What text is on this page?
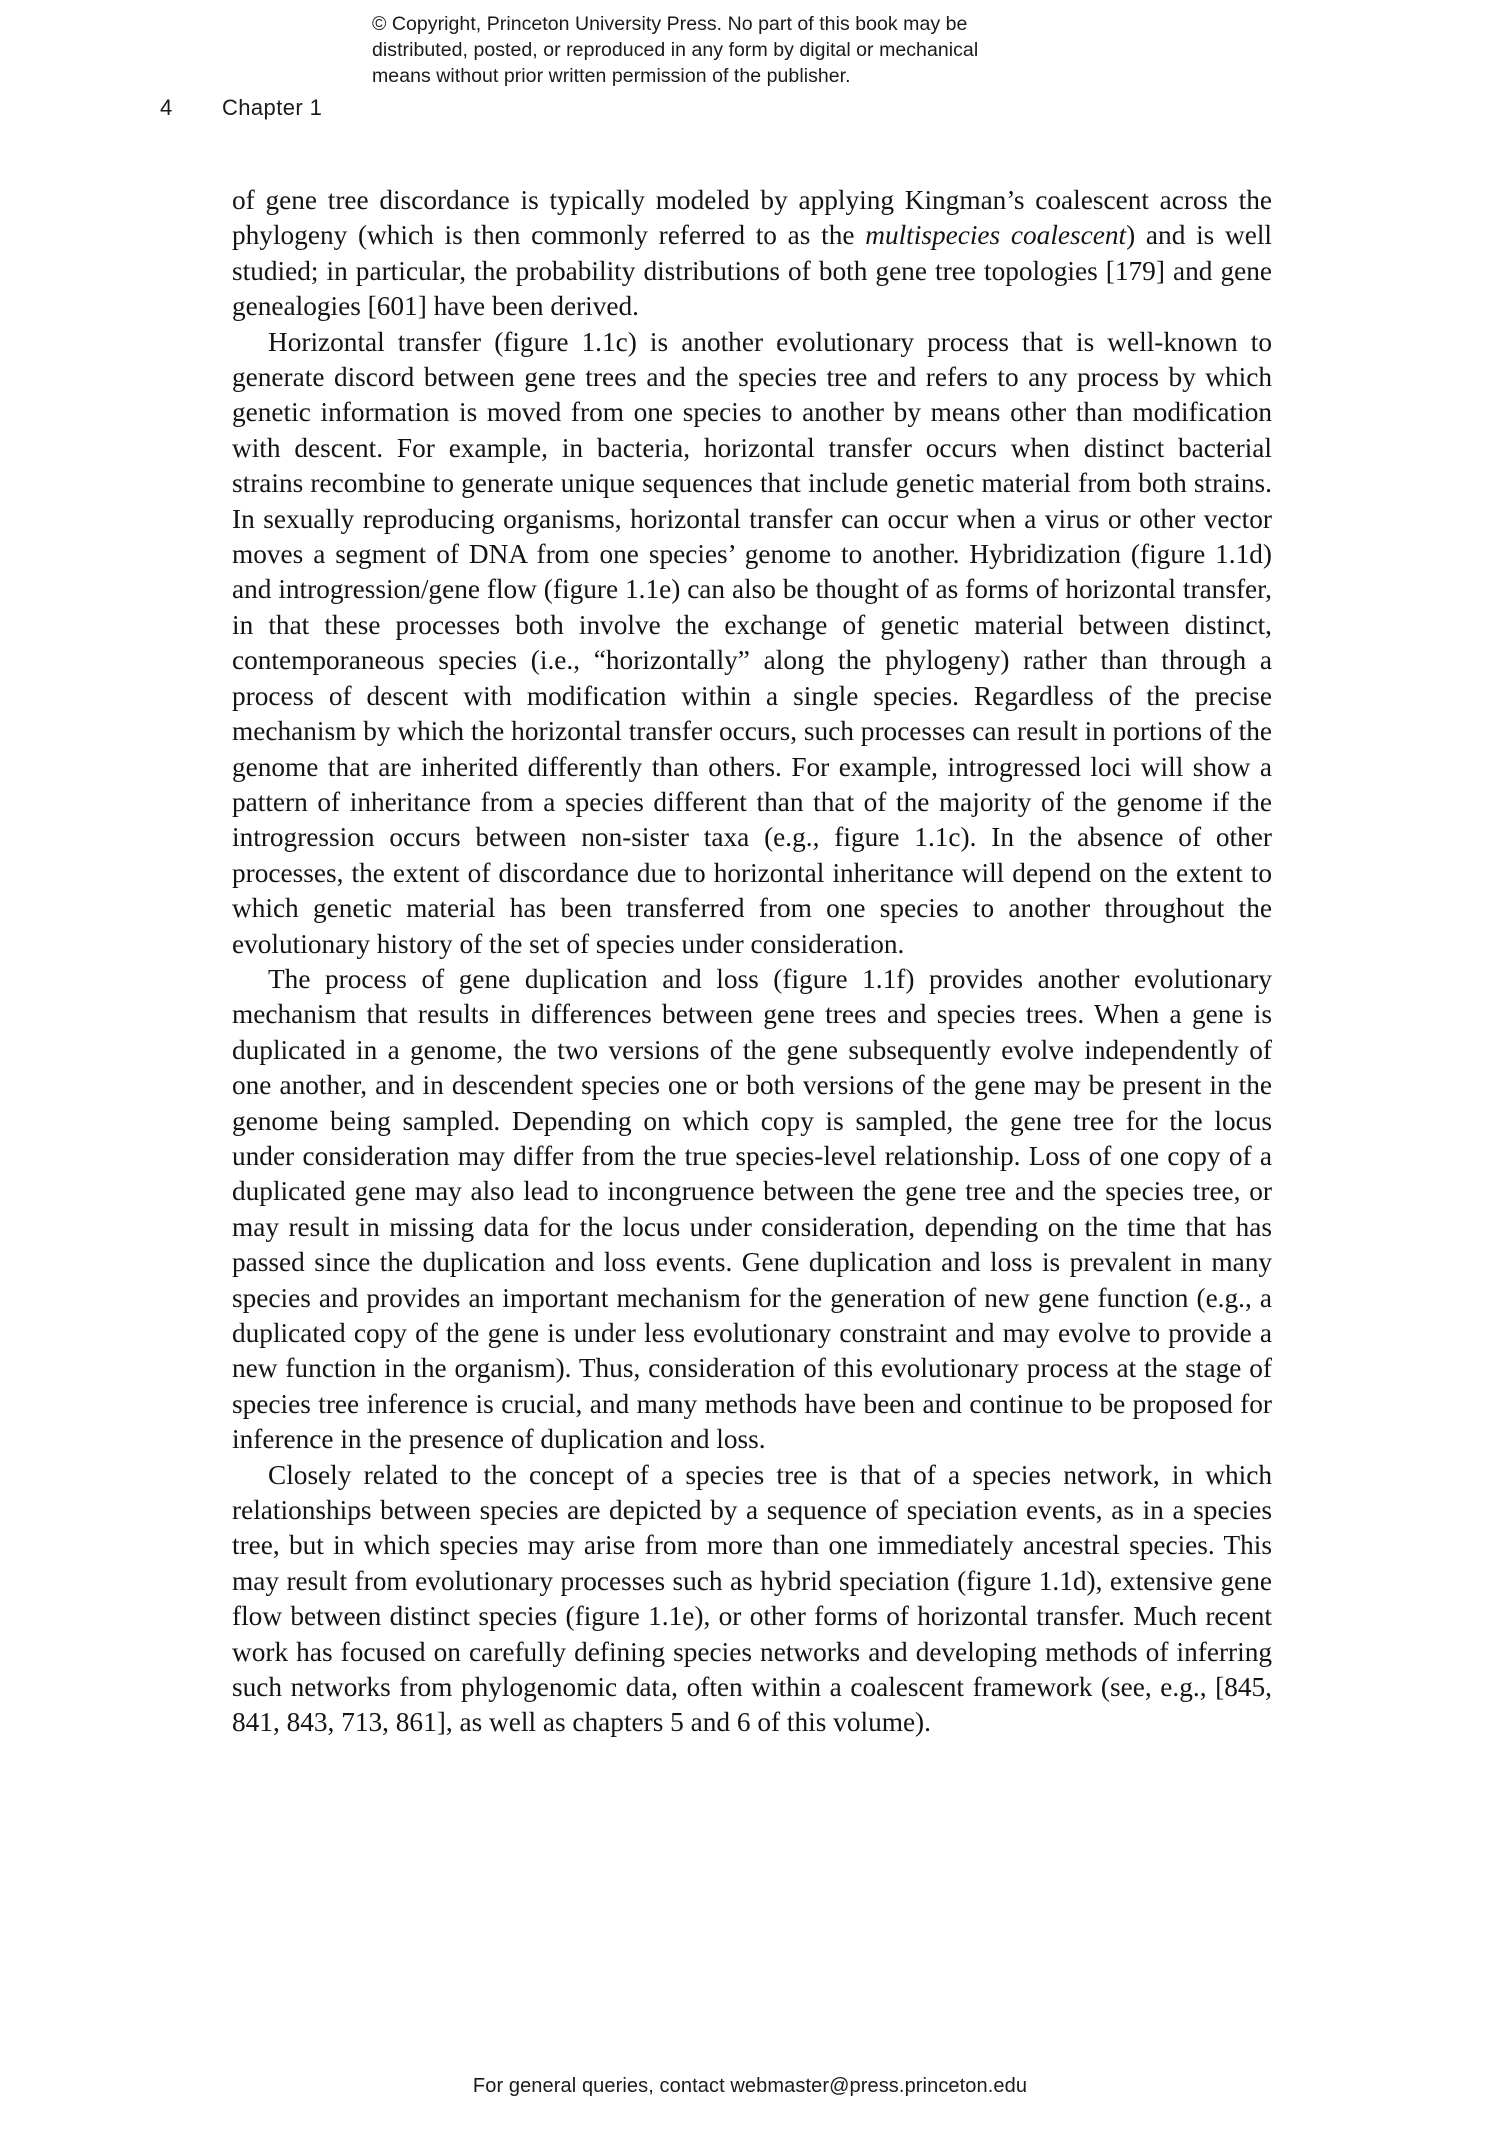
© Copyright, Princeton University Press. No part of this book may be
distributed, posted, or reproduced in any form by digital or mechanical
means without prior written permission of the publisher.
4	Chapter 1

of gene tree discordance is typically modeled by applying Kingman’s coalescent across the phylogeny (which is then commonly referred to as the multispecies coalescent) and is well studied; in particular, the probability distributions of both gene tree topologies [179] and gene genealogies [601] have been derived.

Horizontal transfer (figure 1.1c) is another evolutionary process that is well-known to generate discord between gene trees and the species tree and refers to any process by which genetic information is moved from one species to another by means other than modification with descent. For example, in bacteria, horizontal transfer occurs when distinct bacterial strains recombine to generate unique sequences that include genetic material from both strains. In sexually reproducing organisms, horizontal transfer can occur when a virus or other vector moves a segment of DNA from one species’ genome to another. Hybridization (figure 1.1d) and introgression/gene flow (figure 1.1e) can also be thought of as forms of horizontal transfer, in that these processes both involve the exchange of genetic material between distinct, contemporaneous species (i.e., “horizontally” along the phylogeny) rather than through a process of descent with modification within a single species. Regardless of the precise mechanism by which the horizontal transfer occurs, such processes can result in portions of the genome that are inherited differently than others. For example, introgressed loci will show a pattern of inheritance from a species different than that of the majority of the genome if the introgression occurs between non-sister taxa (e.g., figure 1.1c). In the absence of other processes, the extent of discordance due to horizontal inheritance will depend on the extent to which genetic material has been transferred from one species to another throughout the evolutionary history of the set of species under consideration.

The process of gene duplication and loss (figure 1.1f) provides another evolutionary mechanism that results in differences between gene trees and species trees. When a gene is duplicated in a genome, the two versions of the gene subsequently evolve independently of one another, and in descendent species one or both versions of the gene may be present in the genome being sampled. Depending on which copy is sampled, the gene tree for the locus under consideration may differ from the true species-level relationship. Loss of one copy of a duplicated gene may also lead to incongruence between the gene tree and the species tree, or may result in missing data for the locus under consideration, depending on the time that has passed since the duplication and loss events. Gene duplication and loss is prevalent in many species and provides an important mechanism for the generation of new gene function (e.g., a duplicated copy of the gene is under less evolutionary constraint and may evolve to provide a new function in the organism). Thus, consideration of this evolutionary process at the stage of species tree inference is crucial, and many methods have been and continue to be proposed for inference in the presence of duplication and loss.

Closely related to the concept of a species tree is that of a species network, in which relationships between species are depicted by a sequence of speciation events, as in a species tree, but in which species may arise from more than one immediately ancestral species. This may result from evolutionary processes such as hybrid speciation (figure 1.1d), extensive gene flow between distinct species (figure 1.1e), or other forms of horizontal transfer. Much recent work has focused on carefully defining species networks and developing methods of inferring such networks from phylogenomic data, often within a coalescent framework (see, e.g., [845, 841, 843, 713, 861], as well as chapters 5 and 6 of this volume).

For general queries, contact webmaster@press.princeton.edu
